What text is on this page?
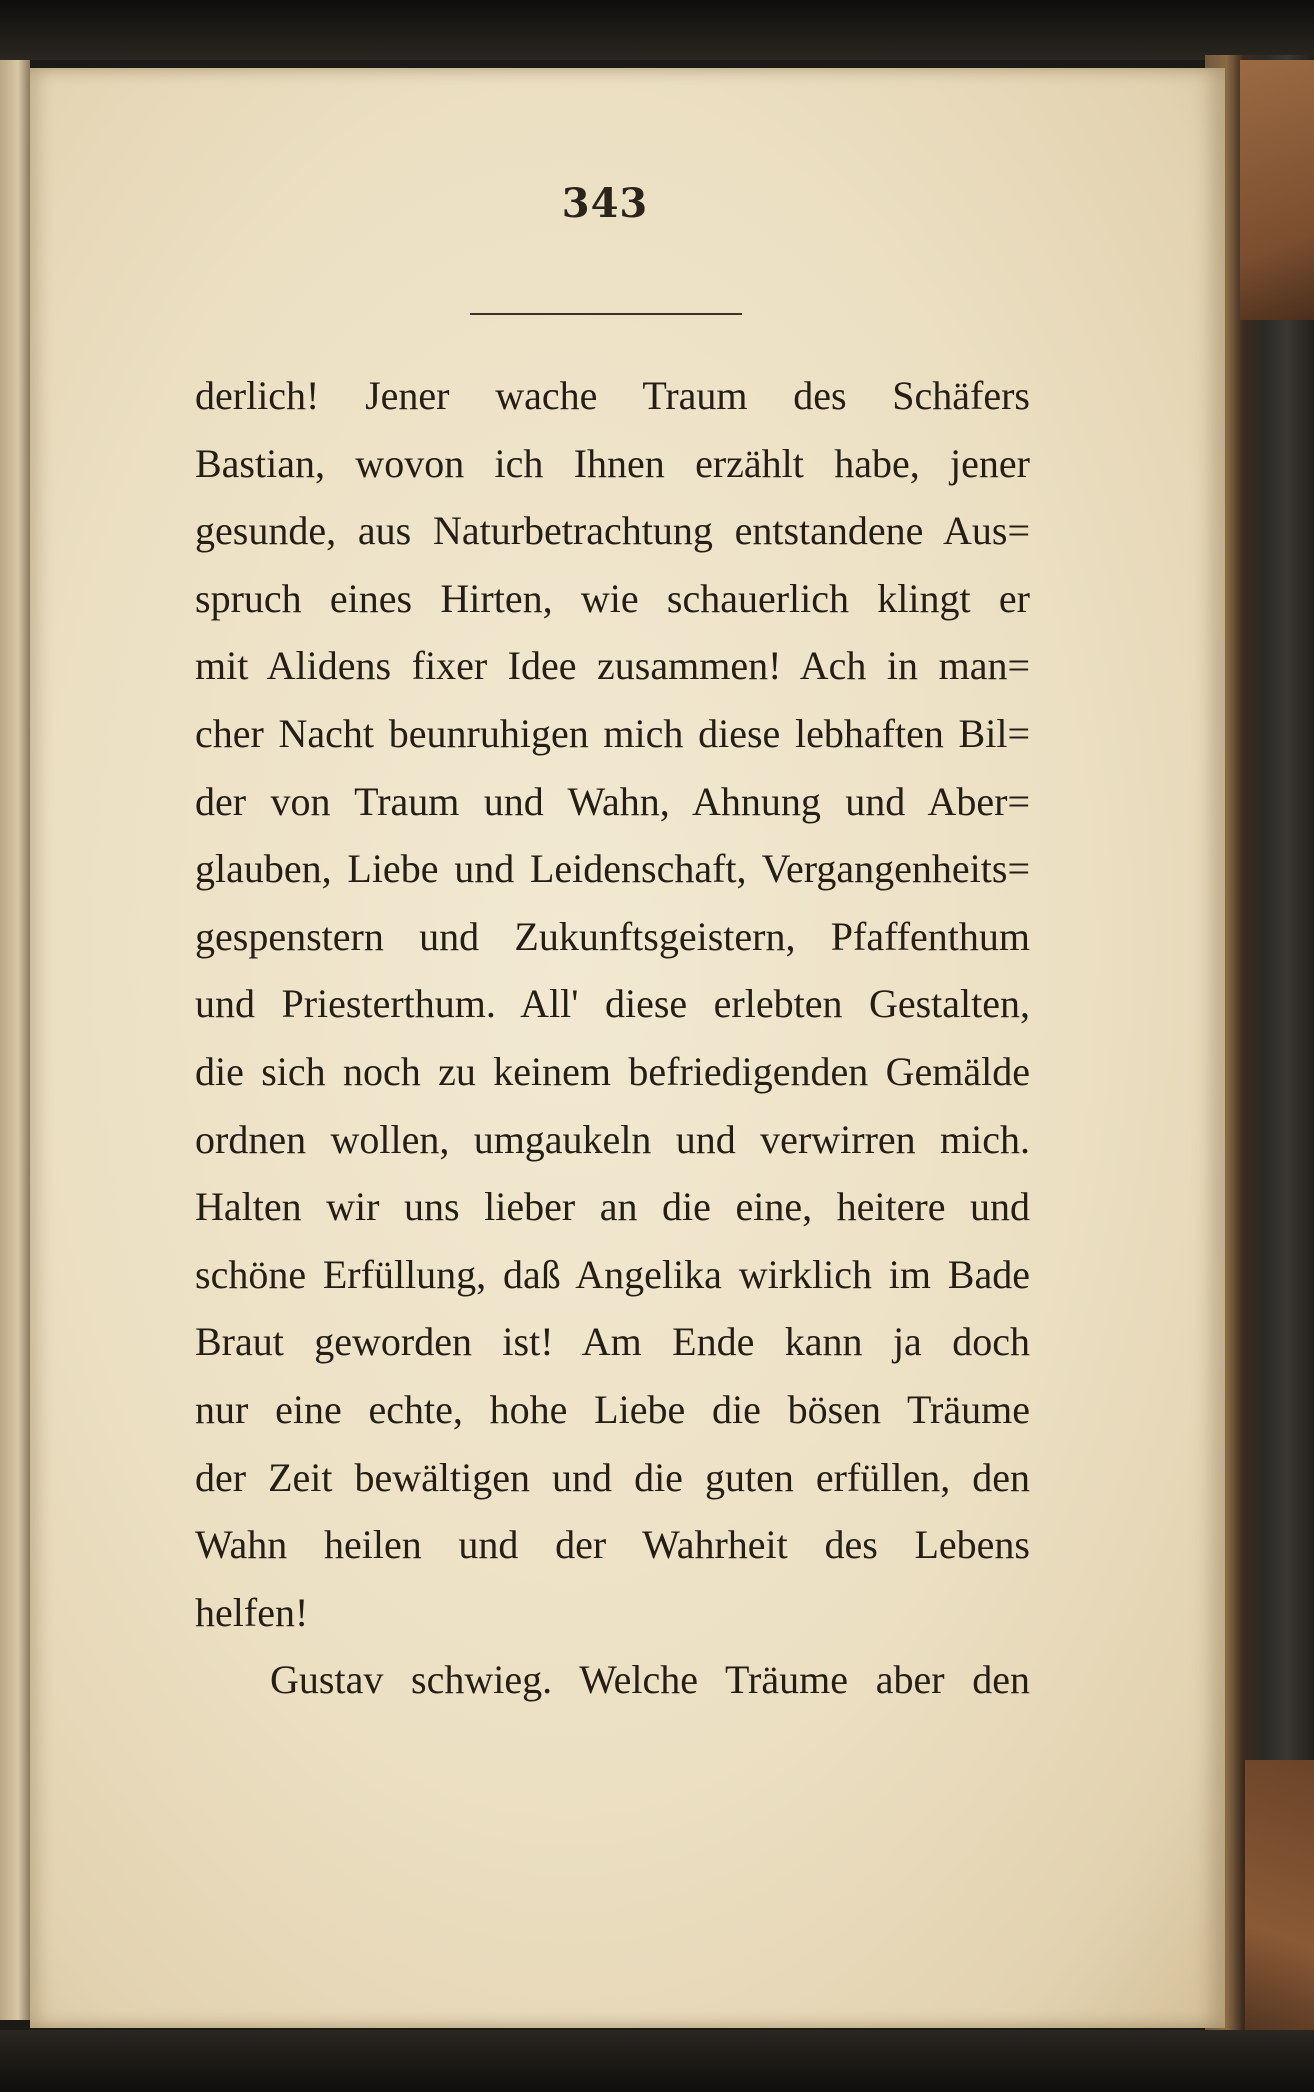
343
derlich! Jener wache Traum des Schäfers
Bastian, wovon ich Ihnen erzählt habe, jener
gesunde, aus Naturbetrachtung entstandene Aus=
spruch eines Hirten, wie schauerlich klingt er
mit Alidens fixer Idee zusammen! Ach in man=
cher Nacht beunruhigen mich diese lebhaften Bil=
der von Traum und Wahn, Ahnung und Aber=
glauben, Liebe und Leidenschaft, Vergangenheits=
gespenstern und Zukunftsgeistern, Pfaffenthum
und Priesterthum. All' diese erlebten Gestalten,
die sich noch zu keinem befriedigenden Gemälde
ordnen wollen, umgaukeln und verwirren mich.
Halten wir uns lieber an die eine, heitere und
schöne Erfüllung, daß Angelika wirklich im Bade
Braut geworden ist! Am Ende kann ja doch
nur eine echte, hohe Liebe die bösen Träume
der Zeit bewältigen und die guten erfüllen, den
Wahn heilen und der Wahrheit des Lebens
helfen!
Gustav schwieg. Welche Träume aber den
